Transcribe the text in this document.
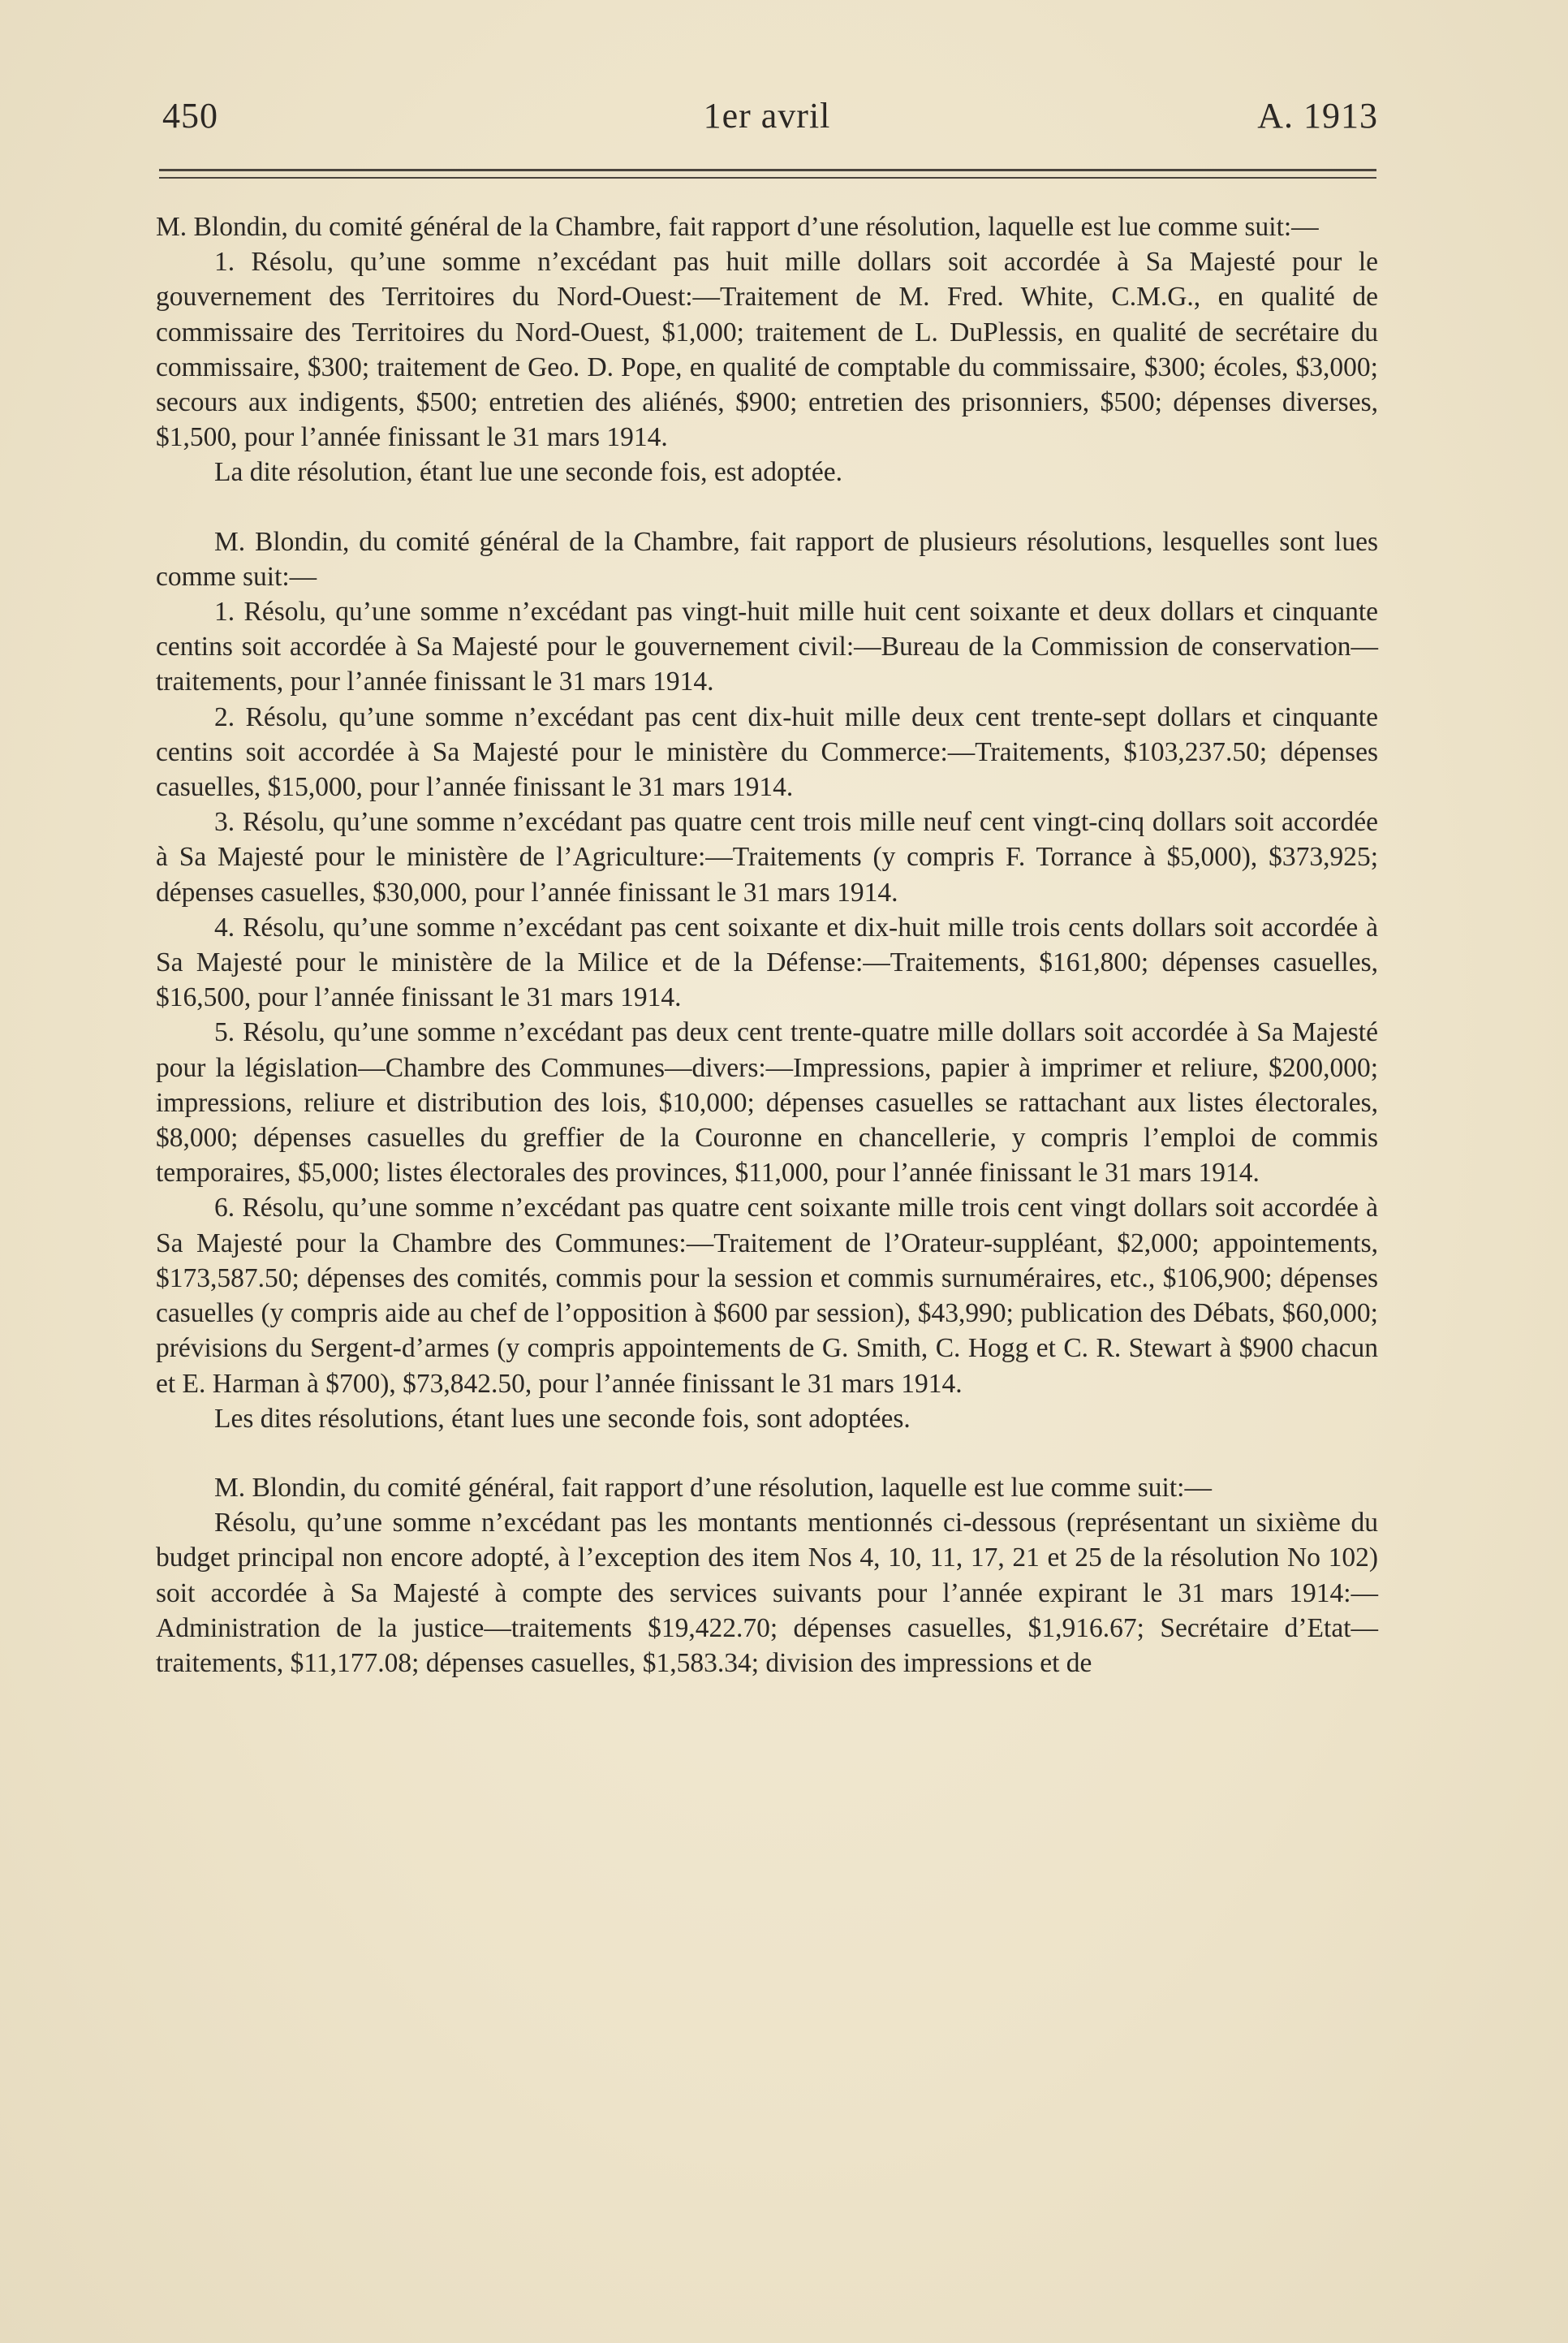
450	1er avril	A. 1913

M. Blondin, du comité général de la Chambre, fait rapport d’une résolution, laquelle est lue comme suit:—

1. Résolu, qu’une somme n’excédant pas huit mille dollars soit accordée à Sa Majesté pour le gouvernement des Territoires du Nord-Ouest:—Traitement de M. Fred. White, C.M.G., en qualité de commissaire des Territoires du Nord-Ouest, $1,000; traitement de L. DuPlessis, en qualité de secrétaire du commissaire, $300; traitement de Geo. D. Pope, en qualité de comptable du commissaire, $300; écoles, $3,000; secours aux indigents, $500; entretien des aliénés, $900; entretien des prisonniers, $500; dépenses diverses, $1,500, pour l’année finissant le 31 mars 1914.

La dite résolution, étant lue une seconde fois, est adoptée.

M. Blondin, du comité général de la Chambre, fait rapport de plusieurs résolutions, lesquelles sont lues comme suit:—

1. Résolu, qu’une somme n’excédant pas vingt-huit mille huit cent soixante et deux dollars et cinquante centins soit accordée à Sa Majesté pour le gouvernement civil:—Bureau de la Commission de conservation—traitements, pour l’année finissant le 31 mars 1914.

2. Résolu, qu’une somme n’excédant pas cent dix-huit mille deux cent trente-sept dollars et cinquante centins soit accordée à Sa Majesté pour le ministère du Commerce:—Traitements, $103,237.50; dépenses casuelles, $15,000, pour l’année finissant le 31 mars 1914.

3. Résolu, qu’une somme n’excédant pas quatre cent trois mille neuf cent vingt-cinq dollars soit accordée à Sa Majesté pour le ministère de l’Agriculture:—Traitements (y compris F. Torrance à $5,000), $373,925; dépenses casuelles, $30,000, pour l’année finissant le 31 mars 1914.

4. Résolu, qu’une somme n’excédant pas cent soixante et dix-huit mille trois cents dollars soit accordée à Sa Majesté pour le ministère de la Milice et de la Défense:—Traitements, $161,800; dépenses casuelles, $16,500, pour l’année finissant le 31 mars 1914.

5. Résolu, qu’une somme n’excédant pas deux cent trente-quatre mille dollars soit accordée à Sa Majesté pour la législation—Chambre des Communes—divers:—Impressions, papier à imprimer et reliure, $200,000; impressions, reliure et distribution des lois, $10,000; dépenses casuelles se rattachant aux listes électorales, $8,000; dépenses casuelles du greffier de la Couronne en chancellerie, y compris l’emploi de commis temporaires, $5,000; listes électorales des provinces, $11,000, pour l’année finissant le 31 mars 1914.

6. Résolu, qu’une somme n’excédant pas quatre cent soixante mille trois cent vingt dollars soit accordée à Sa Majesté pour la Chambre des Communes:—Traitement de l’Orateur-suppléant, $2,000; appointements, $173,587.50; dépenses des comités, commis pour la session et commis surnuméraires, etc., $106,900; dépenses casuelles (y compris aide au chef de l’opposition à $600 par session), $43,990; publication des Débats, $60,000; prévisions du Sergent-d’armes (y compris appointements de G. Smith, C. Hogg et C. R. Stewart à $900 chacun et E. Harman à $700), $73,842.50, pour l’année finissant le 31 mars 1914.

Les dites résolutions, étant lues une seconde fois, sont adoptées.

M. Blondin, du comité général, fait rapport d’une résolution, laquelle est lue comme suit:—

Résolu, qu’une somme n’excédant pas les montants mentionnés ci-dessous (représentant un sixième du budget principal non encore adopté, à l’exception des item Nos 4, 10, 11, 17, 21 et 25 de la résolution No 102) soit accordée à Sa Majesté à compte des services suivants pour l’année expirant le 31 mars 1914:—Administration de la justice—traitements $19,422.70; dépenses casuelles, $1,916.67; Secrétaire d’Etat—traitements, $11,177.08; dépenses casuelles, $1,583.34; division des impressions et de
